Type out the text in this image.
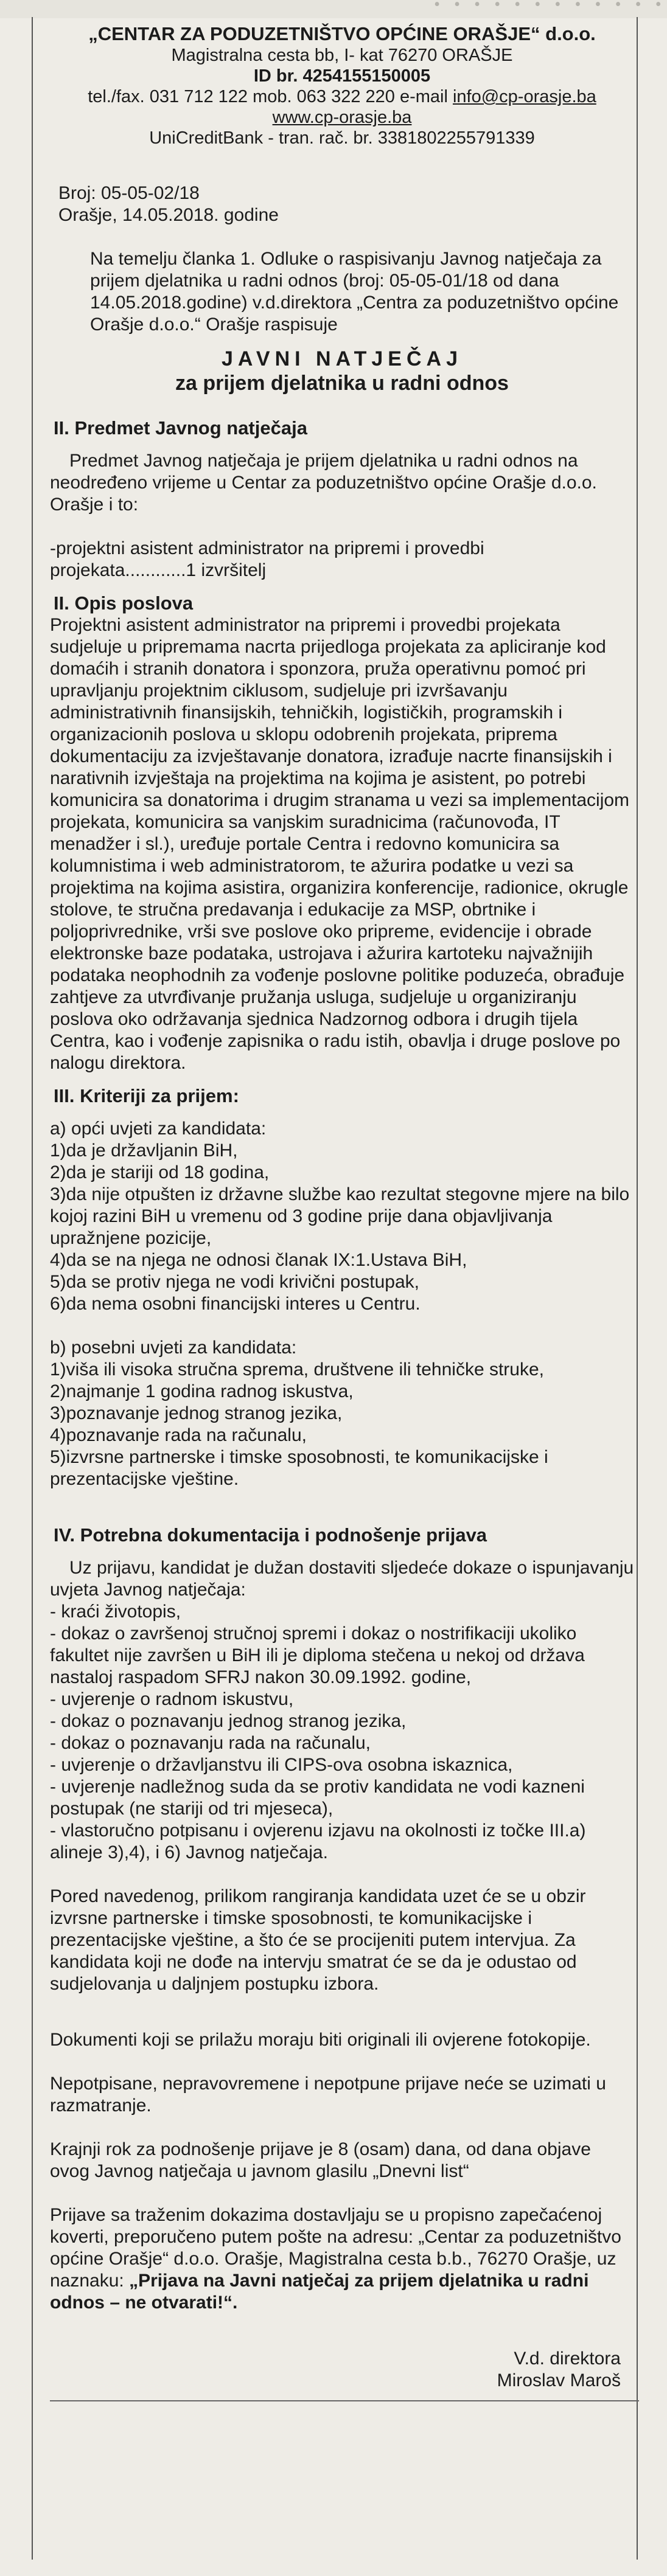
· · · · · · · · · · · ·
„CENTAR ZA PODUZETNIŠTVO OPĆINE ORAŠJE“ d.o.o.
Magistralna cesta bb, I- kat 76270 ORAŠJE
ID br. 4254155150005
tel./fax. 031 712 122 mob. 063 322 220 e-mail info@cp-orasje.ba
www.cp-orasje.ba
UniCreditBank - tran. rač. br. 3381802255791339
Broj: 05-05-02/18
Orašje, 14.05.2018. godine

Na temelju članka 1. Odluke o raspisivanju Javnog natječaja za prijem djelatnika u radni odnos (broj: 05-05-01/18 od dana 14.05.2018.godine) v.d.direktora „Centra za poduzetništvo općine Orašje d.o.o.“ Orašje raspisuje

JAVNI NATJEČAJ
za prijem djelatnika u radni odnos
II. Predmet Javnog natječaja

Predmet Javnog natječaja je prijem djelatnika u radni odnos na neodređeno vrijeme u Centar za poduzetništvo općine Orašje d.o.o. Orašje i to:

-projektni asistent administrator na pripremi i provedbi projekata............1 izvršitelj

II. Opis poslova

Projektni asistent administrator na pripremi i provedbi projekata sudjeluje u pripremama nacrta prijedloga projekata za apliciranje kod domaćih i stranih donatora i sponzora, pruža operativnu pomoć pri upravljanju projektnim ciklusom, sudjeluje pri izvršavanju administrativnih finansijskih, tehničkih, logističkih, programskih i organizacionih poslova u sklopu odobrenih projekata, priprema dokumentaciju za izvještavanje donatora, izrađuje nacrte finansijskih i narativnih izvještaja na projektima na kojima je asistent, po potrebi komunicira sa donatorima i drugim stranama u vezi sa implementacijom projekata, komunicira sa vanjskim suradnicima (računovođa, IT menadžer i sl.), uređuje portale Centra i redovno komunicira sa kolumnistima i web administratorom, te ažurira podatke u vezi sa projektima na kojima asistira, organizira konferencije, radionice, okrugle stolove, te stručna predavanja i edukacije za MSP, obrtnike i poljoprivrednike, vrši sve poslove oko pripreme, evidencije i obrade elektronske baze podataka, ustrojava i ažurira kartoteku najvažnijih podataka neophodnih za vođenje poslovne politike poduzeća, obrađuje zahtjeve za utvrđivanje pružanja usluga, sudjeluje u organiziranju poslova oko održavanja sjednica Nadzornog odbora i drugih tijela Centra, kao i vođenje zapisnika o radu istih, obavlja i druge poslove po nalogu direktora.

III. Kriteriji za prijem:

a) opći uvjeti za kandidata:

1)da je državljanin BiH,

2)da je stariji od 18 godina,

3)da nije otpušten iz državne službe kao rezultat stegovne mjere na bilo kojoj razini BiH u vremenu od 3 godine prije dana objavljivanja upražnjene pozicije,

4)da se na njega ne odnosi članak IX:1.Ustava BiH,

5)da se protiv njega ne vodi krivični postupak,

6)da nema osobni financijski interes u Centru.

b) posebni uvjeti za kandidata:

1)viša ili visoka stručna sprema, društvene ili tehničke struke,

2)najmanje 1 godina radnog iskustva,

3)poznavanje jednog stranog jezika,

4)poznavanje rada na računalu,

5)izvrsne partnerske i timske sposobnosti, te komunikacijske i prezentacijske vještine.

IV. Potrebna dokumentacija i podnošenje prijava

Uz prijavu, kandidat je dužan dostaviti sljedeće dokaze o ispunjavanju uvjeta Javnog natječaja:

- kraći životopis,

- dokaz o završenoj stručnoj spremi i dokaz o nostrifikaciji ukoliko fakultet nije završen u BiH ili je diploma stečena u nekoj od država nastaloj raspadom SFRJ nakon 30.09.1992. godine,

- uvjerenje o radnom iskustvu,

- dokaz o poznavanju jednog stranog jezika,

- dokaz o poznavanju rada na računalu,

- uvjerenje o državljanstvu ili CIPS-ova osobna iskaznica,

- uvjerenje nadležnog suda da se protiv kandidata ne vodi kazneni postupak (ne stariji od tri mjeseca),

- vlastoručno potpisanu i ovjerenu izjavu na okolnosti iz točke III.a) alineje 3),4), i 6) Javnog natječaja.

Pored navedenog, prilikom rangiranja kandidata uzet će se u obzir izvrsne partnerske i timske sposobnosti, te komunikacijske i prezentacijske vještine, a što će se procijeniti putem intervjua. Za kandidata koji ne dođe na intervju smatrat će se da je odustao od sudjelovanja u daljnjem postupku izbora.

Dokumenti koji se prilažu moraju biti originali ili ovjerene fotokopije.

Nepotpisane, nepravovremene i nepotpune prijave neće se uzimati u razmatranje.

Krajnji rok za podnošenje prijave je 8 (osam) dana, od dana objave ovog Javnog natječaja u javnom glasilu „Dnevni list“

Prijave sa traženim dokazima dostavljaju se u propisno zapečaćenoj koverti, preporučeno putem pošte na adresu: „Centar za poduzetništvo općine Orašje“ d.o.o. Orašje, Magistralna cesta b.b., 76270 Orašje, uz naznaku: „Prijava na Javni natječaj za prijem djelatnika u radni odnos – ne otvarati!“.

V.d. direktora
Miroslav Maroš
